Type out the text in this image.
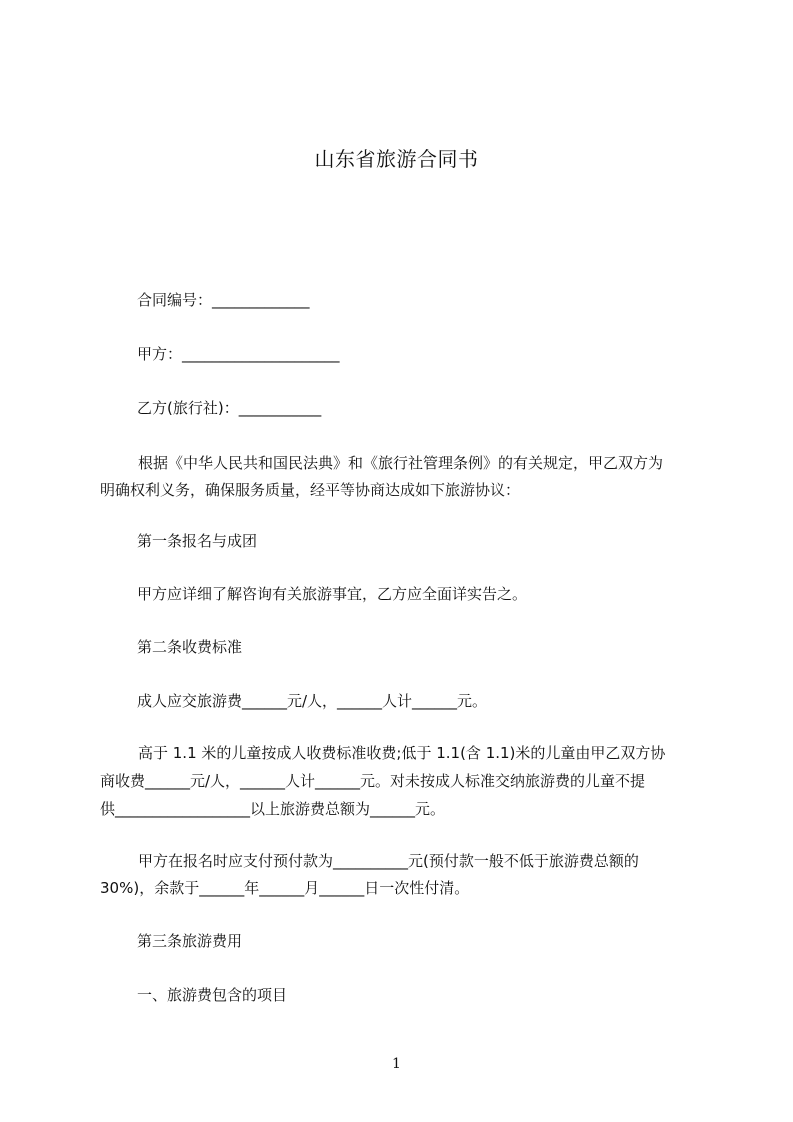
山东省旅游合同书
合同编号：_____________
甲方：_____________________
乙方(旅行社)：___________
根据《中华人民共和国民法典》和《旅行社管理条例》的有关规定，甲乙双方为
明确权利义务，确保服务质量，经平等协商达成如下旅游协议：
第一条报名与成团
甲方应详细了解咨询有关旅游事宜，乙方应全面详实告之。
第二条收费标准
成人应交旅游费______元/人，______人计______元。
高于 1.1 米的儿童按成人收费标准收费;低于 1.1(含 1.1)米的儿童由甲乙双方协
商收费______元/人，______人计______元。对未按成人标准交纳旅游费的儿童不提
供__________________以上旅游费总额为______元。
甲方在报名时应支付预付款为__________元(预付款一般不低于旅游费总额的
30%)，余款于______年______月______日一次性付清。
第三条旅游费用
一、旅游费包含的项目
1
